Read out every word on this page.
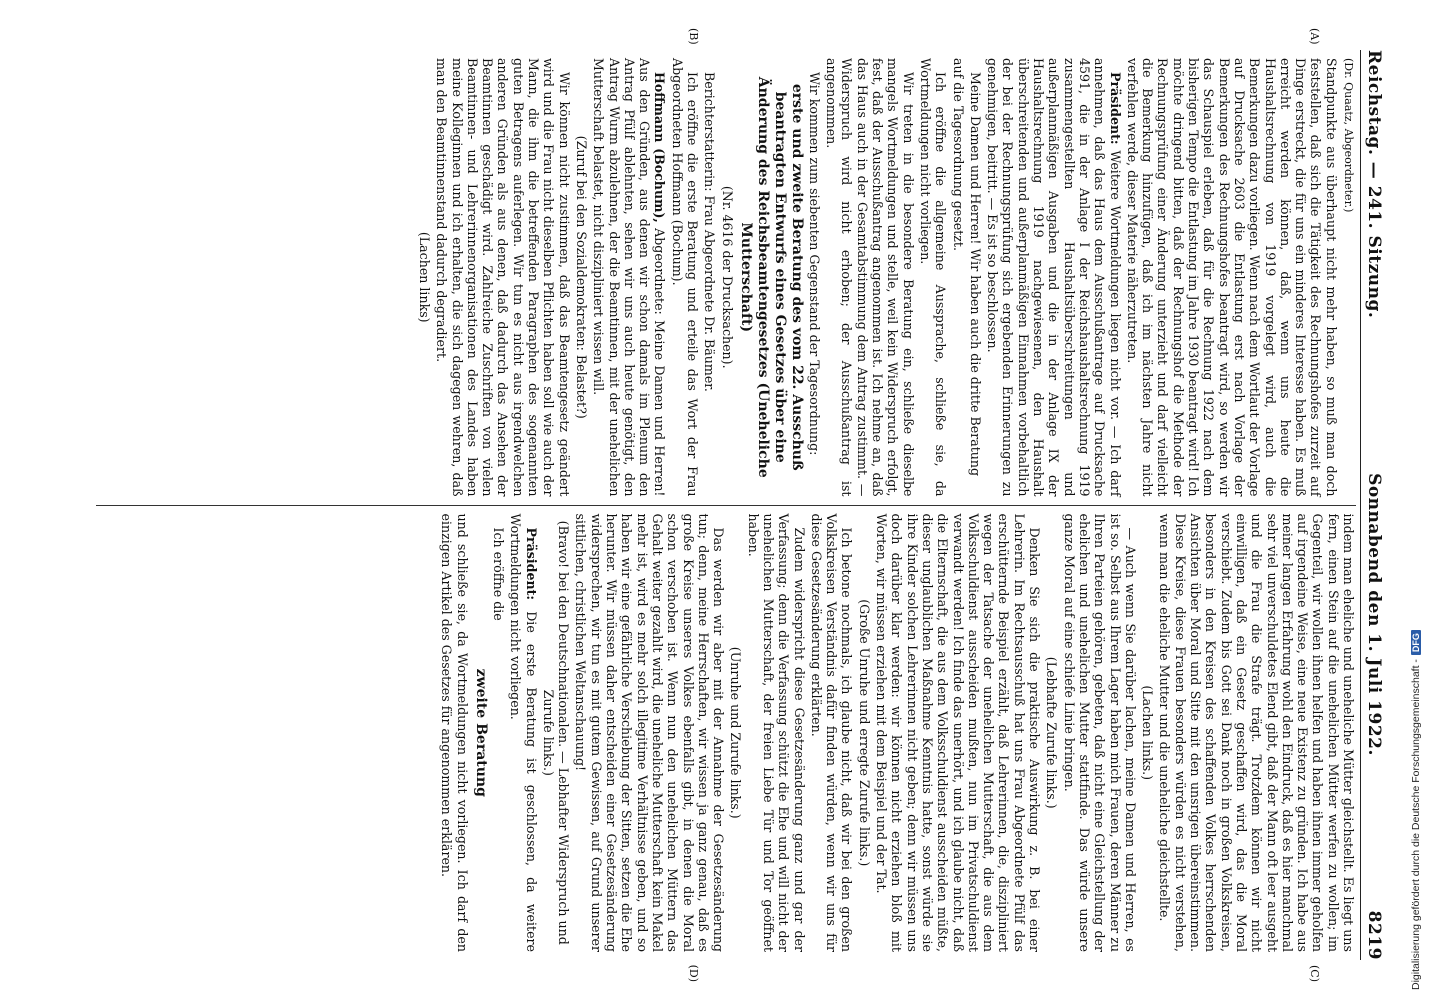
Reichstag. — 241. Sitzung.
Sonnabend den 1. Juli 1922.
8219
(A)
(B)

(Dr. Quaatz, Abgeordneter.)

Standpunkte aus überhaupt nicht mehr haben, so muß man doch feststellen, daß sich die Tätigkeit des Rechnungshofes zurzeit auf Dinge erstreckt, die für uns ein minderes Interesse haben. Es muß erreicht werden können, daß, wenn uns heute die Haushaltsrechnung von 1919 vorgelegt wird, auch die Bemerkungen dazu vorliegen. Wenn nach dem Wortlaut der Vorlage auf Drucksache 2603 die Entlastung erst nach Vorlage der Bemerkungen des Rechnungshofes beantragt wird, so werden wir das Schauspiel erleben, daß für die Rechnung 1922 nach dem bisherigen Tempo die Entlastung im Jahre 1930 beantragt wird! Ich möchte dringend bitten, daß der Rechnungshof die Methode der Rechnungsprüfung einer Änderung unterzieht und darf vielleicht die Bemerkung hinzufügen, daß ich im nächsten Jahre nicht verfehlen werde, dieser Materie näherzutreten.

Präsident: Weitere Wortmeldungen liegen nicht vor. — Ich darf annehmen, daß das Haus dem Ausschußantrage auf Drucksache 4591, die in der Anlage I der Reichshaushaltsrechnung 1919 zusammengestellten Haushaltsüberschreitungen und außerplanmäßigen Ausgaben und die in der Anlage IX der Haushaltsrechnung 1919 nachgewiesenen, den Haushalt überschreitenden und außerplanmäßigen Einnahmen vorbehaltlich der bei der Rechnungsprüfung sich ergebenden Erinnerungen zu genehmigen, beitritt. — Es ist so beschlossen.

Meine Damen und Herren! Wir haben auch die dritte Beratung

auf die Tagesordnung gesetzt.

Ich eröffne die allgemeine Aussprache, schließe sie, da Wortmeldungen nicht vorliegen.

Wir treten in die besondere Beratung ein, schließe dieselbe mangels Wortmeldungen und stelle, weil kein Widerspruch erfolgt, fest, daß der Ausschußantrag angenommen ist. Ich nehme an, daß das Haus auch in der Gesamtabstimmung dem Antrag zustimmt. — Widerspruch wird nicht erhoben; der Ausschußantrag ist angenommen.

Wir kommen zum siebenten Gegenstand der Tagesordnung:

erste und zweite Beratung des vom 22. Ausschuß beantragten Entwurfs eines Gesetzes über eine Änderung des Reichsbeamtengesetzes (Uneheliche Mutterschaft)

(Nr. 4616 der Drucksachen).

Berichterstatterin: Frau Abgeordnete Dr. Bäumer.

Ich eröffne die erste Beratung und erteile das Wort der Frau Abgeordneten Hoffmann (Bochum).

Hoffmann (Bochum), Abgeordnete: Meine Damen und Herren! Aus den Gründen, aus denen wir schon damals im Plenum den Antrag Pfülf ablehnten, sehen wir uns auch heute genötigt, den Antrag Wurm abzulehnen, der die Beamtinnen, mit der unehelichen Mutterschaft belastet, nicht diszipliniert wissen will.

(Zuruf bei den Sozialdemokraten: Belastet?)

Wir können nicht zustimmen, daß das Beamtengesetz geändert wird und die Frau nicht dieselben Pflichten haben soll wie auch der Mann, die ihm die betreffenden Paragraphen des sogenannten guten Betragens auferlegen. Wir tun es nicht aus irgendwelchen anderen Gründen als aus denen, daß dadurch das Ansehen der Beamtinnen geschädigt wird. Zahlreiche Zuschriften von vielen Beamtinnen- und Lehrerinnenorganisationen des Landes haben meine Kolleginnen und ich erhalten, die sich dagegen wehren, daß man den Beamtinnenstand dadurch degradiert.

(Lachen links)

(C)
(D)

indem man eheliche und uneheliche Mütter gleichstellt. Es liegt uns fern, einen Stein auf die unehelichen Mütter werfen zu wollen; im Gegenteil, wir wollen ihnen helfen und haben ihnen immer geholfen auf irgendeine Weise, eine neue Existenz zu gründen. Ich habe aus meiner langen Erfahrung wohl den Eindruck, daß es hier manchmal sehr viel unverschuldetes Elend gibt, daß der Mann oft leer ausgeht und die Frau die Strafe trägt. Trotzdem können wir nicht einwilligen, daß ein Gesetz geschaffen wird, das die Moral verschiebt. Zudem bis Gott sei Dank noch in großen Volkskreisen, besonders in den Kreisen des schaffenden Volkes herrschenden Ansichten über Moral und Sitte mit den unsrigen übereinstimmen. Diese Kreise, diese Frauen besonders würden es nicht verstehen, wenn man die eheliche Mutter und die uneheliche gleichstellte.

(Lachen links.)

— Auch wenn Sie darüber lachen, meine Damen und Herren, es ist so. Selbst aus Ihrem Lager haben mich Frauen, deren Männer zu Ihren Parteien gehören, gebeten, daß nicht eine Gleichstellung der ehelichen und unehelichen Mutter stattfinde. Das würde unsere ganze Moral auf eine schiefe Linie bringen.

(Lebhafte Zurufe links.)

Denken Sie sich die praktische Auswirkung z. B. bei einer Lehrerin. Im Rechtsausschuß hat uns Frau Abgeordnete Pfülf das erschütternde Beispiel erzählt, daß Lehrerinnen, die, diszipliniert wegen der Tatsache der unehelichen Mutterschaft, die aus dem Volksschuldienst ausscheiden mußten, nun im Privatschuldienst verwandt werden! Ich finde das unerhört, und ich glaube nicht, daß die Elternschaft, die aus dem Volksschuldienst ausscheiden müßte, dieser unglaublichen Maßnahme Kenntnis hatte, sonst würde sie ihre Kinder solchen Lehrerinnen nicht geben; denn wir müssen uns doch darüber klar werden: wir können nicht erziehen bloß mit Worten, wir müssen erziehen mit dem Beispiel und der Tat.

(Große Unruhe und erregte Zurufe links.)

Ich betone nochmals, ich glaube nicht, daß wir bei den großen Volkskreisen Verständnis dafür finden würden, wenn wir uns für diese Gesetzesänderung erklärten.

Zudem widerspricht diese Gesetzesänderung ganz und gar der Verfassung; denn die Verfassung schützt die Ehe und will nicht der unehelichen Mutterschaft, der freien Liebe Tür und Tor geöffnet haben.

(Unruhe und Zurufe links.)

Das werden wir aber mit der Annahme der Gesetzesänderung tun; denn, meine Herrschaften, wir wissen ja ganz genau, daß es große Kreise unseres Volkes ebenfalls gibt, in denen die Moral schon verschoben ist. Wenn nun den unehelichen Müttern das Gehalt weiter gezahlt wird, die uneheliche Mutterschaft kein Makel mehr ist, wird es mehr solch illegitime Verhältnisse geben, und so haben wir eine gefährliche Verschiebung der Sitten, setzen die Ehe herunter. Wir müssen daher entscheiden einer Gesetzesänderung widersprechen, wir tun es mit gutem Gewissen, auf Grund unserer sittlichen, christlichen Weltanschauung!

(Bravo! bei den Deutschnationalen. — Lebhafter Widerspruch und Zurufe links.)

Präsident: Die erste Beratung ist geschlossen, da weitere Wortmeldungen nicht vorliegen.

Ich eröffne die

zweite Beratung

und schließe sie, da Wortmeldungen nicht vorliegen. Ich darf den einzigen Artikel des Gesetzes für angenommen erklären.	Digitalisierung gefördert durch die Deutsche Forschungsgemeinschaft -DFG
